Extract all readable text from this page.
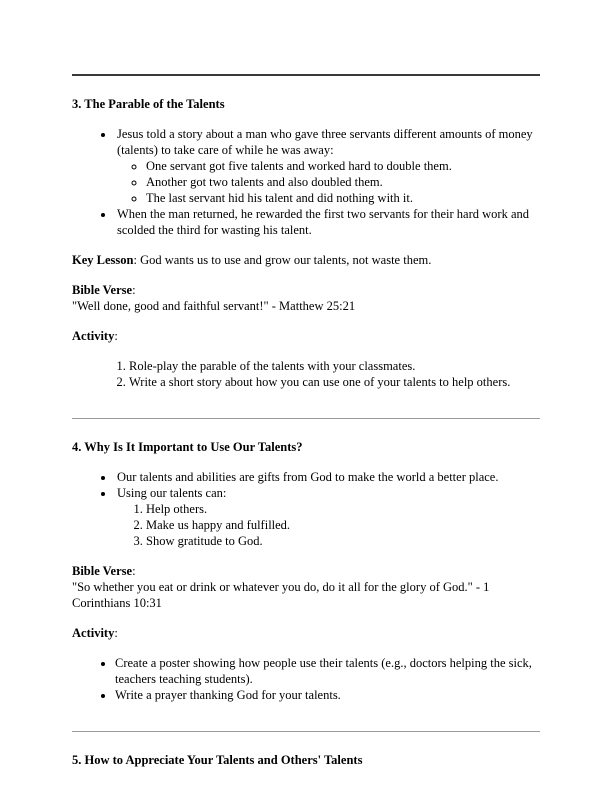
3. The Parable of the Talents
• Jesus told a story about a man who gave three servants different amounts of money (talents) to take care of while he was away:
◦ One servant got five talents and worked hard to double them.
◦ Another got two talents and also doubled them.
◦ The last servant hid his talent and did nothing with it.
• When the man returned, he rewarded the first two servants for their hard work and scolded the third for wasting his talent.

Key Lesson: God wants us to use and grow our talents, not waste them.

Bible Verse:

"Well done, good and faithful servant!" - Matthew 25:21

Activity:

1. Role-play the parable of the talents with your classmates.
2. Write a short story about how you can use one of your talents to help others.
4. Why Is It Important to Use Our Talents?
• Our talents and abilities are gifts from God to make the world a better place.
• Using our talents can:
1. Help others.
2. Make us happy and fulfilled.
3. Show gratitude to God.

Bible Verse:

"So whether you eat or drink or whatever you do, do it all for the glory of God." - 1 Corinthians 10:31

Activity:

• Create a poster showing how people use their talents (e.g., doctors helping the sick, teachers teaching students).
• Write a prayer thanking God for your talents.
5. How to Appreciate Your Talents and Others' Talents
